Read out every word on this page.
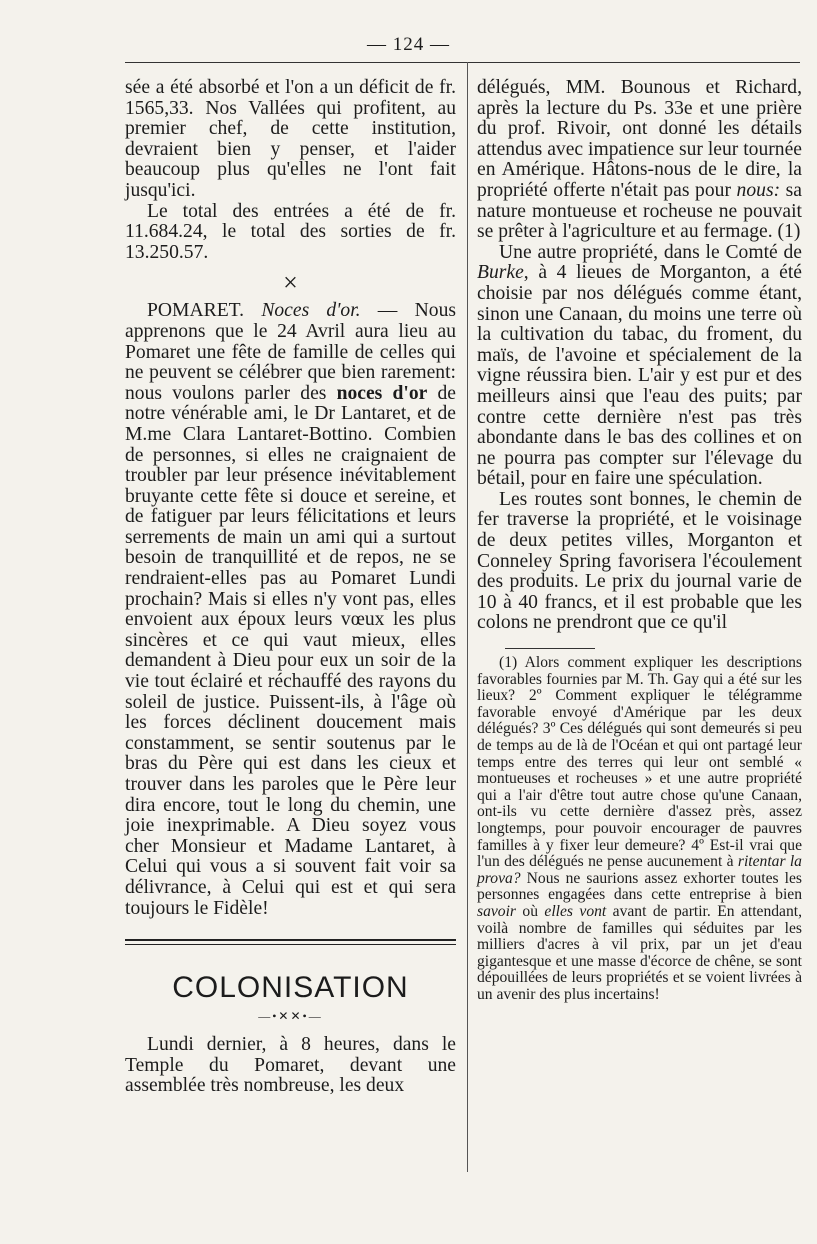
— 124 —

sée a été absorbé et l'on a un déficit de fr. 1565,33. Nos Vallées qui profitent, au premier chef, de cette institution, devraient bien y penser, et l'aider beaucoup plus qu'elles ne l'ont fait jusqu'ici.

Le total des entrées a été de fr. 11.684.24, le total des sorties de fr. 13.250.57.

×

POMARET. Noces d'or. — Nous apprenons que le 24 Avril aura lieu au Pomaret une fête de famille de celles qui ne peuvent se célébrer que bien rarement: nous voulons parler des noces d'or de notre vénérable ami, le Dr Lantaret, et de M.me Clara Lantaret-Bottino. Combien de personnes, si elles ne craignaient de troubler par leur présence inévitablement bruyante cette fête si douce et sereine, et de fatiguer par leurs félicitations et leurs serrements de main un ami qui a surtout besoin de tranquillité et de repos, ne se rendraient-elles pas au Pomaret Lundi prochain? Mais si elles n'y vont pas, elles envoient aux époux leurs vœux les plus sincères et ce qui vaut mieux, elles demandent à Dieu pour eux un soir de la vie tout éclairé et réchauffé des rayons du soleil de justice. Puissent-ils, à l'âge où les forces déclinent doucement mais constamment, se sentir soutenus par le bras du Père qui est dans les cieux et trouver dans les paroles que le Père leur dira encore, tout le long du chemin, une joie inexprimable. A Dieu soyez vous cher Monsieur et Madame Lantaret, à Celui qui vous a si souvent fait voir sa délivrance, à Celui qui est et qui sera toujours le Fidèle!

COLONISATION
—•✕✕•—

Lundi dernier, à 8 heures, dans le Temple du Pomaret, devant une assemblée très nombreuse, les deux

délégués, MM. Bounous et Richard, après la lecture du Ps. 33e et une prière du prof. Rivoir, ont donné les détails attendus avec impatience sur leur tournée en Amérique. Hâtons-nous de le dire, la propriété offerte n'était pas pour nous: sa nature montueuse et rocheuse ne pouvait se prêter à l'agriculture et au fermage. (1)

Une autre propriété, dans le Comté de Burke, à 4 lieues de Morganton, a été choisie par nos délégués comme étant, sinon une Canaan, du moins une terre où la cultivation du tabac, du froment, du maïs, de l'avoine et spécialement de la vigne réussira bien. L'air y est pur et des meilleurs ainsi que l'eau des puits; par contre cette dernière n'est pas très abondante dans le bas des collines et on ne pourra pas compter sur l'élevage du bétail, pour en faire une spéculation.

Les routes sont bonnes, le chemin de fer traverse la propriété, et le voisinage de deux petites villes, Morganton et Conneley Spring favorisera l'écoulement des produits. Le prix du journal varie de 10 à 40 francs, et il est probable que les colons ne prendront que ce qu'il

(1) Alors comment expliquer les descriptions favorables fournies par M. Th. Gay qui a été sur les lieux? 2º Comment expliquer le télégramme favorable envoyé d'Amérique par les deux délégués? 3º Ces délégués qui sont demeurés si peu de temps au de là de l'Océan et qui ont partagé leur temps entre des terres qui leur ont semblé « montueuses et rocheuses » et une autre propriété qui a l'air d'être tout autre chose qu'une Canaan, ont-ils vu cette dernière d'assez près, assez longtemps, pour pouvoir encourager de pauvres familles à y fixer leur demeure? 4º Est-il vrai que l'un des délégués ne pense aucunement à ritentar la prova? Nous ne saurions assez exhorter toutes les personnes engagées dans cette entreprise à bien savoir où elles vont avant de partir. En attendant, voilà nombre de familles qui séduites par les milliers d'acres à vil prix, par un jet d'eau gigantesque et une masse d'écorce de chêne, se sont dépouillées de leurs propriétés et se voient livrées à un avenir des plus incertains!
